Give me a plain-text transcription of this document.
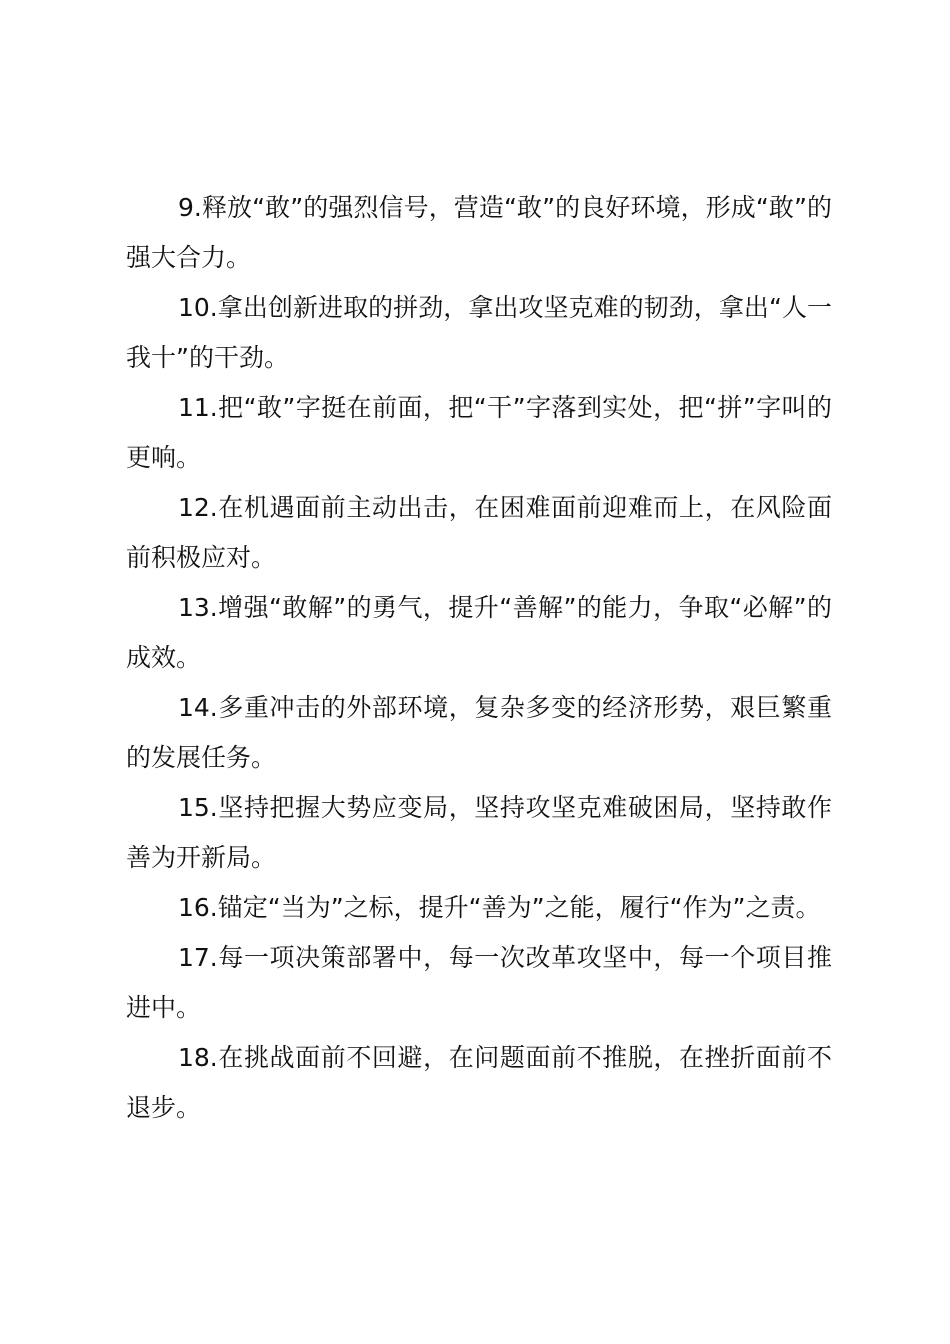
9.释放“敢”的强烈信号，营造“敢”的良好环境，形成“敢”的强大合力。

10.拿出创新进取的拼劲，拿出攻坚克难的韧劲，拿出“人一我十”的干劲。

11.把“敢”字挺在前面，把“干”字落到实处，把“拼”字叫的更响。

12.在机遇面前主动出击，在困难面前迎难而上，在风险面前积极应对。

13.增强“敢解”的勇气，提升“善解”的能力，争取“必解”的成效。

14.多重冲击的外部环境，复杂多变的经济形势，艰巨繁重的发展任务。

15.坚持把握大势应变局，坚持攻坚克难破困局，坚持敢作善为开新局。

16.锚定“当为”之标，提升“善为”之能，履行“作为”之责。

17.每一项决策部署中，每一次改革攻坚中，每一个项目推进中。

18.在挑战面前不回避，在问题面前不推脱，在挫折面前不退步。
